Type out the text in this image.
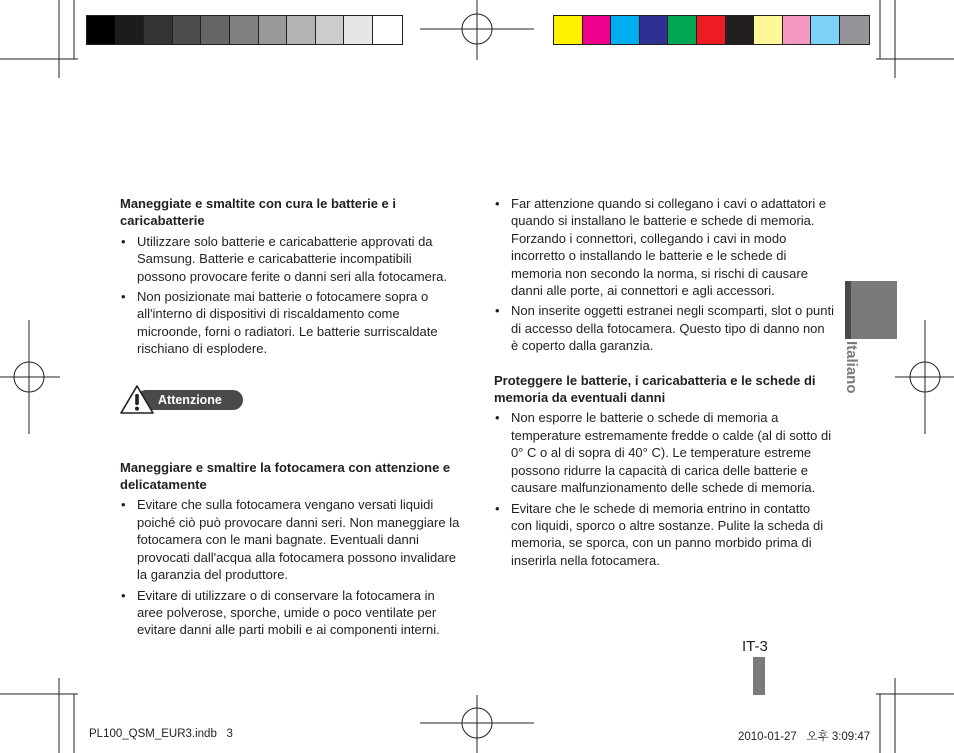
Maneggiate e smaltite con cura le batterie e i caricabatterie

• Utilizzare solo batterie e caricabatterie approvati da Samsung. Batterie e caricabatterie incompatibili possono provocare ferite o danni seri alla fotocamera.
• Non posizionate mai batterie o fotocamere sopra o all'interno di dispositivi di riscaldamento come microonde, forni o radiatori. Le batterie surriscaldate rischiano di esplodere.

Maneggiare e smaltire la fotocamera con attenzione e delicatamente

• Evitare che sulla fotocamera vengano versati liquidi poiché ciò può provocare danni seri. Non maneggiare la fotocamera con le mani bagnate. Eventuali danni provocati dall'acqua alla fotocamera possono invalidare la garanzia del produttore.
• Evitare di utilizzare o di conservare la fotocamera in aree polverose, sporche, umide o poco ventilate per evitare danni alle parti mobili e ai componenti interni.
Attenzione
• Far attenzione quando si collegano i cavi o adattatori e quando si installano le batterie e schede di memoria. Forzando i connettori, collegando i cavi in modo incorretto o installando le batterie e le schede di memoria non secondo la norma, si rischi di causare danni alle porte, ai connettori e agli accessori.
• Non inserite oggetti estranei negli scomparti, slot o punti di accesso della fotocamera. Questo tipo di danno non è coperto dalla garanzia.

Proteggere le batterie, i caricabatteria e le schede di memoria da eventuali danni

• Non esporre le batterie o schede di memoria a temperature estremamente fredde o calde (al di sotto di 0° C o al di sopra di 40° C). Le temperature estreme possono ridurre la capacità di carica delle batterie e causare malfunzionamento delle schede di memoria.
• Evitare che le schede di memoria entrino in contatto con liquidi, sporco o altre sostanze. Pulite la scheda di memoria, se sporca, con un panno morbido prima di inserirla nella fotocamera.
Italiano
IT-3
PL100_QSM_EUR3.indb   3	2010-01-27   오후 3:09:47
